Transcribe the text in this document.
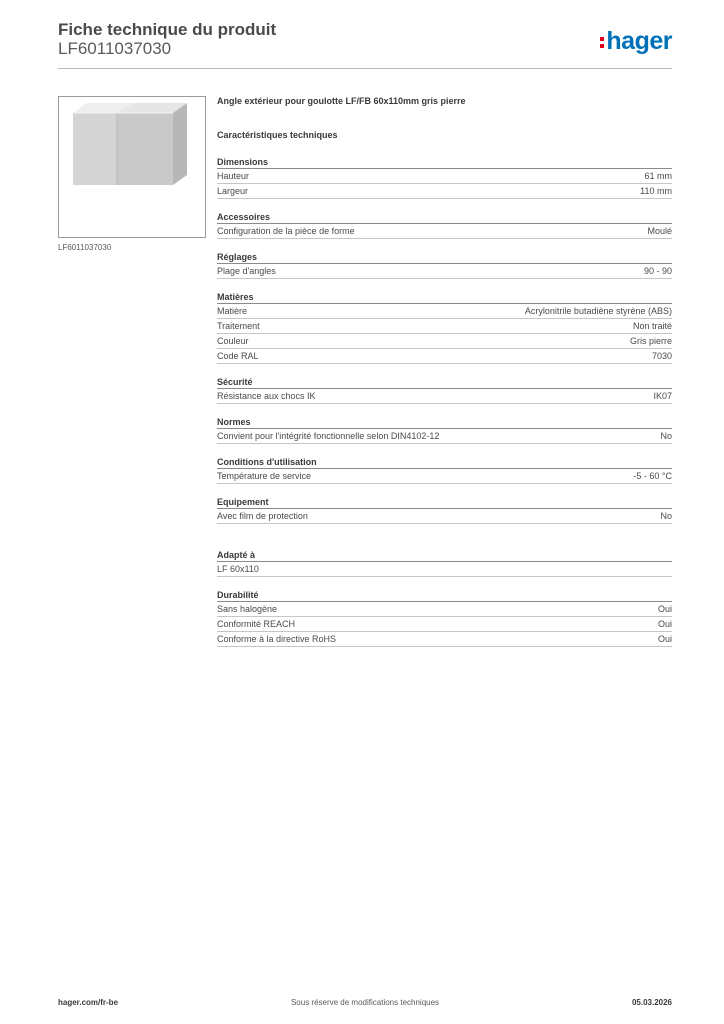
Fiche technique du produit
LF6011037030	hager
LF6011037030
Angle extérieur pour goulotte LF/FB 60x110mm gris pierre
Caractéristiques techniques
Dimensions
Hauteur	61 mm
Largeur	110 mm
Accessoires
Configuration de la pièce de forme	Moulé
Réglages
Plage d'angles	90 - 90
Matières
Matière	Acrylonitrile butadiène styrène (ABS)
Traitement	Non traité
Couleur	Gris pierre
Code RAL	7030
Sécurité
Résistance aux chocs IK	IK07
Normes
Convient pour l'intégrité fonctionnelle selon DIN4102-12	No
Conditions d'utilisation
Température de service	-5 - 60 °C
Equipement
Avec film de protection	No
Adapté à
LF 60x110
Durabilité
Sans halogène	Oui
Conformité REACH	Oui
Conforme à la directive RoHS	Oui
hager.com/fr-be	Sous réserve de modifications techniques	05.03.2026
